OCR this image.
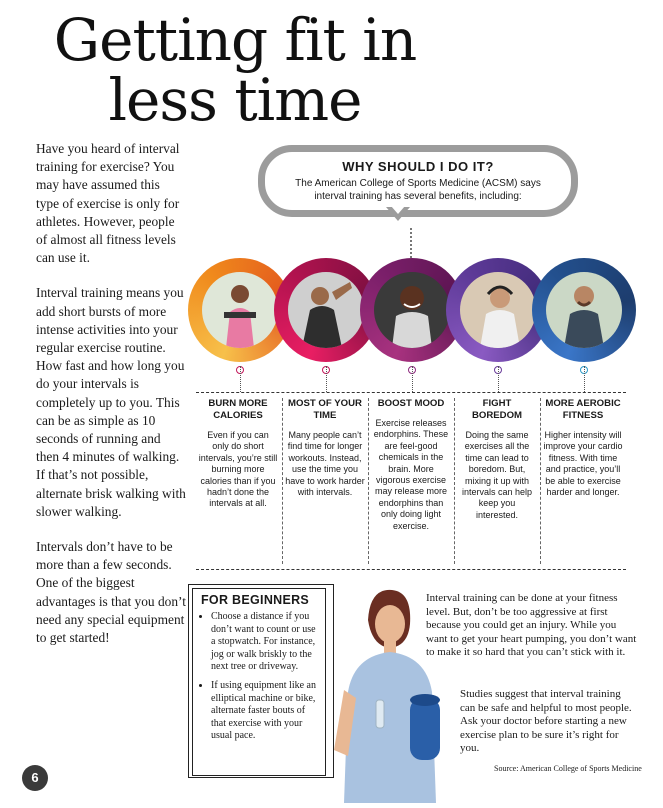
Getting fit in
less time

Have you heard of interval training for exercise? You may have assumed this type of exercise is only for athletes. However, people of almost all fitness levels can use it.

Interval training means you add short bursts of more intense activities into your regular exercise routine. How fast and how long you do your intervals is completely up to you. This can be as simple as 10 seconds of running and then 4 minutes of walking. If that’s not possible, alternate brisk walking with slower walking.

Intervals don’t have to be more than a few seconds. One of the biggest advantages is that you don’t need any special equipment to get started!

WHY SHOULD I DO IT?
The American College of Sports Medicine (ACSM) says interval training has several benefits, including:
BURN MORE CALORIES

Even if you can only do short intervals, you’re still burning more calories than if you hadn’t done the intervals at all.

MOST OF YOUR TIME

Many people can’t find time for longer workouts. Instead, use the time you have to work harder with intervals.

BOOST MOOD

Exercise releases endorphins. These are feel-good chemicals in the brain. More vigorous exercise may release more endorphins than only doing light exercise.

FIGHT BOREDOM

Doing the same exercises all the time can lead to boredom. But, mixing it up with intervals can help keep you interested.

MORE AEROBIC FITNESS

Higher intensity will improve your cardio fitness. With time and practice, you’ll be able to exercise harder and longer.

FOR BEGINNERS
• Choose a distance if you don’t want to count or use a stopwatch. For instance, jog or walk briskly to the next tree or driveway.
• If using equipment like an elliptical machine or bike, alternate faster bouts of that exercise with your usual pace.
Interval training can be done at your fitness level. But, don’t be too aggressive at first because you could get an injury. While you want to get your heart pumping, you don’t want to make it so hard that you can’t stick with it.
Studies suggest that interval training can be safe and helpful to most people. Ask your doctor before starting a new exercise plan to be sure it’s right for you.
Source: American College of Sports Medicine
6
